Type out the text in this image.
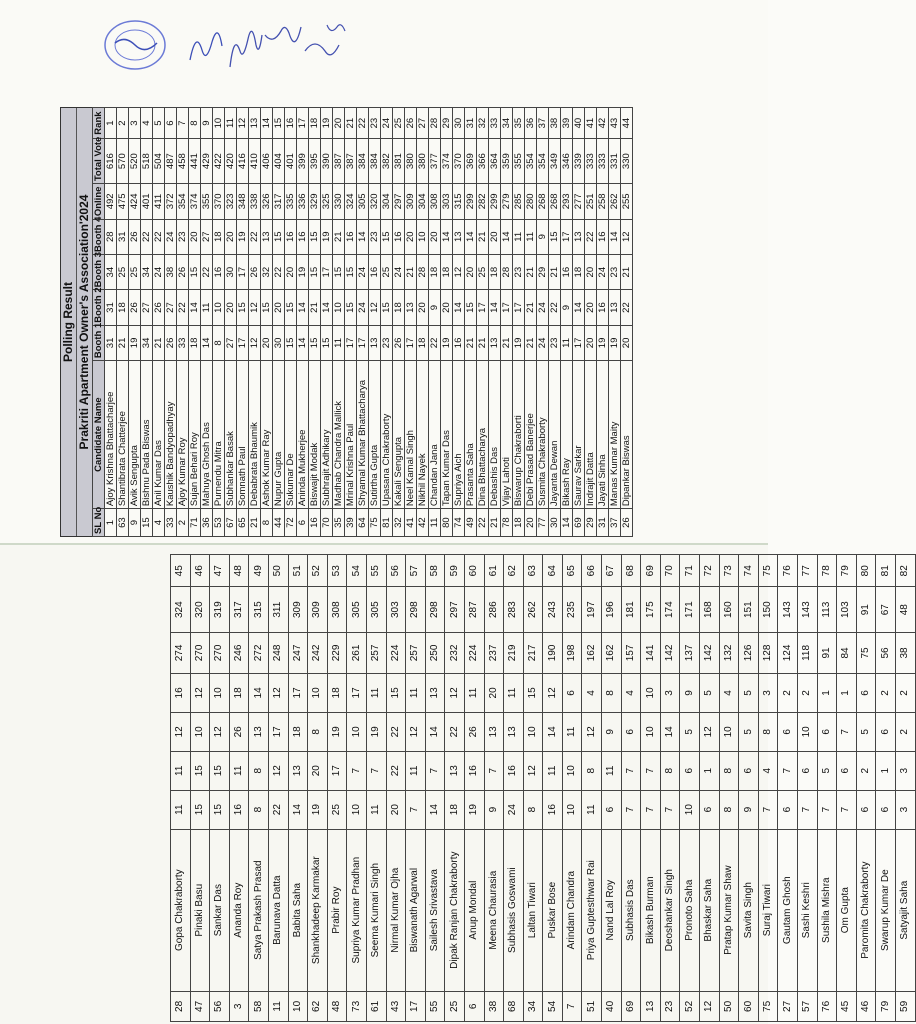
Polling Result Prakriti Apartment Owner's Association'2024
SL No	Candidate Name	Booth 1	Booth 2	Booth 3	Booth 4	Online	Total Vote	Rank
1	Ajoy Krishna Bhattacharjee	31	31	34	28	492	616	1
63	Shantibrata Chatterjee	21	18	25	31	475	570	2
9	Avik Sengupta	19	26	25	26	424	520	3
15	Bishnu Pada Biswas	34	27	34	22	401	518	4
4	Anil Kumar Das	21	26	24	22	411	504	5
33	Kaushik Bandyopadhyay	26	27	38	24	372	487	6
2	Ajoy Kumar Roy	33	22	26	23	354	458	7
71	Sujan Behari Roy	18	14	15	20	374	441	8
36	Mahuya Ghosh Das	14	11	22	27	355	429	9
53	Purnendu Mitra	8	10	16	18	370	422	10
67	Subhankar Basak	27	20	30	20	323	420	11
65	Somnath Paul	17	15	17	19	348	416	12
21	Debabrata Bhaumik	12	12	26	22	338	410	13
8	Ashok Kumar Ray	20	15	32	13	326	406	14
44	Nupur Gupta	30	20	22	15	317	404	15
72	Sukumar De	15	15	20	16	335	401	16
6	Aninda Mukherjee	14	14	19	16	336	399	17
16	Biswajit Modak	15	21	15	15	329	395	18
70	Subhrajit Adhikary	15	14	17	19	325	390	19
35	Madhab Chandra Mallick	11	10	15	21	330	387	20
39	Mrinal Krishna Paul	17	15	15	16	324	387	21
64	Shyamal Kumar Bhattacharya	17	24	24	14	305	384	22
75	Sutirtha Gupta	13	12	16	23	320	384	23
81	Upasana Chakraborty	23	15	25	15	304	382	24
32	Kakali Sengupta	26	18	24	16	297	381	25
41	Neel Kamal Singh	17	13	21	20	309	380	26
42	Nikhil Nayek	18	20	28	10	304	380	27
11	Chandan Jana	22	9	18	20	308	377	28
80	Tapan Kumar Das	19	20	18	14	303	374	29
74	Supriya Aich	16	14	12	13	315	370	30
49	Prasanta Saha	21	15	20	14	299	369	31
22	Dina Bhattacharya	21	17	25	21	282	366	32
21	Debashis Das	13	14	18	20	299	364	33
78	Vijay Lahoti	21	17	28	14	279	359	34
18	Biswarup Chakraborti	19	17	23	11	285	355	35
20	Debi Prasad Banerjee	21	21	21	11	280	354	36
77	Susmita Chakraborty	24	24	29	9	268	354	37
30	Jayanta Dewan	23	22	21	15	268	349	38
14	Bikash Ray	11	9	16	17	293	346	39
69	Saurav Sarkar	17	14	18	13	277	339	40
29	Indrajit Datta	20	20	20	22	251	333	41
31	Jayati Sinha	19	16	24	16	258	333	42
37	Manas Kumar Maity	19	13	23	14	262	331	43
26	Dipankar Biswas	20	22	21	12	255	330	44
28	Gopa Chakraborty	11	11	12	16	274	324	45
47	Pinaki Basu	15	15	10	12	270	320	46
56	Sankar Das	15	15	12	10	270	319	47
3	Ananda Roy	16	11	26	18	246	317	48
58	Satya Prakash Prasad	8	8	13	14	272	315	49
11	Barunava Datta	22	12	17	12	248	311	50
10	Babita Saha	14	13	18	17	247	309	51
62	Shankhadeep Karmakar	19	20	8	10	242	309	52
48	Prabir Roy	25	17	19	18	229	308	53
73	Supriya Kumar Pradhan	10	7	10	17	261	305	54
61	Seema Kumari Singh	11	7	19	11	257	305	55
43	Nirmal Kumar Ojha	20	22	22	15	224	303	56
17	Biswanath Agarwal	7	11	12	11	257	298	57
55	Sailesh Srivastava	14	7	14	13	250	298	58
25	Dipak Ranjan Chakraborty	18	13	22	12	232	297	59
6	Anup Mondal	19	16	26	11	224	287	60
38	Meena Chaurasia	9	7	13	20	237	286	61
68	Subhasis Goswami	24	16	13	11	219	283	62
34	Laltan Tiwari	8	12	10	15	217	262	63
54	Puskar Bose	16	11	14	12	190	243	64
7	Arindam Chandra	10	10	11	6	198	235	65
51	Priya Guptesthwar Rai	11	8	12	4	162	197	66
40	Nand Lal Roy	6	11	9	8	162	196	67
69	Subhasis Das	7	7	6	4	157	181	68
13	Bikash Burman	7	7	10	10	141	175	69
23	Deoshankar Singh	7	8	14	3	142	174	70
52	Pronoto Saha	10	6	5	9	137	171	71
12	Bhaskar Saha	6	1	12	5	142	168	72
50	Pratap Kumar Shaw	8	8	10	4	132	160	73
60	Savita Singh	9	6	5	5	126	151	74
75	Suraj Tiwari	7	4	8	3	128	150	75
27	Gautam Ghosh	6	7	6	2	124	143	76
57	Sashi Keshri	7	6	10	2	118	143	77
76	Sushila Mishra	7	5	6	1	91	113	78
45	Om Gupta	7	6	7	1	84	103	79
46	Paromita Chakraborty	6	2	5	6	75	91	80
79	Swarup Kumar De	6	1	6	2	56	67	81
59	Satyajit Saha	3	3	2	2	38	48	82
